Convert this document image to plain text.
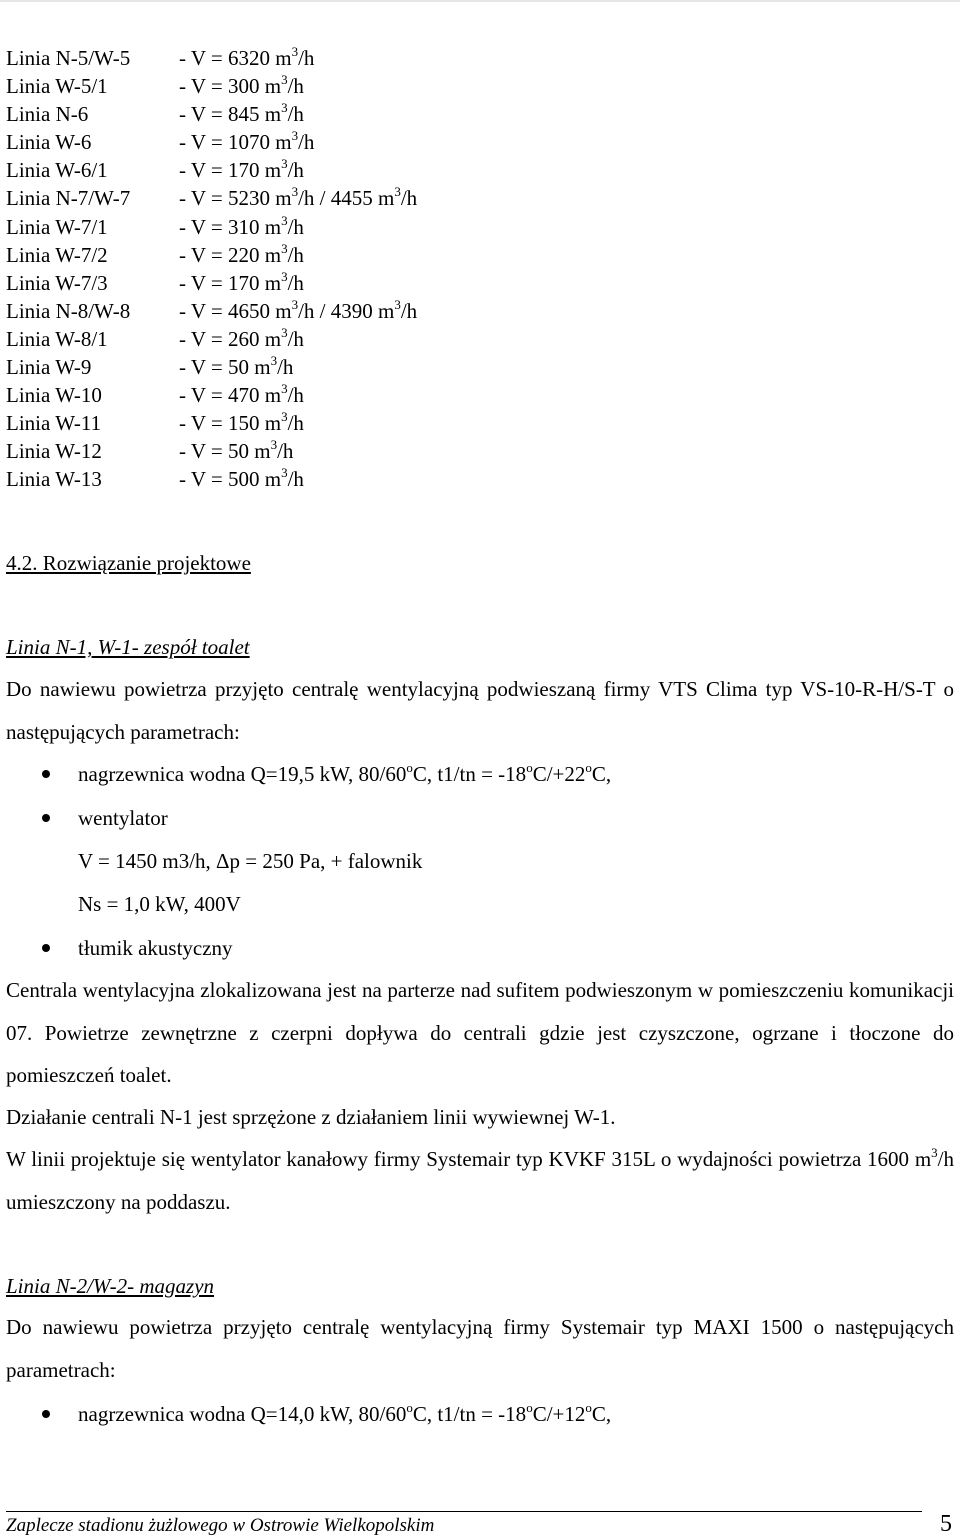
Linia N-5/W-5 - V = 6320 $m^3/h$
Linia W-5/1	- V = 300 $m^3/h$
Linia N-6	- V = 845 $m^3/h$
Linia W-6	- V = 1070 $m^3/h$
Linia W-6/1	- V = 170 $m^3/h$
Linia N-7/W-7 - V = 5230 $m^3/h / 4455$ $m^3/h$
Linia W-7/1	- V = 310 $m^3/h$
Linia W-7/2	- V = 220 $m^3/h$
Linia W-7/3	- V = 170 $m^3/h$
Linia N-8/W-8 - V = 4650 $m^3/h / 4390$ $m^3/h$
Linia W-8/1	- V = 260 $m^3/h$
Linia W-9	- V = 50 $m^3/h$
Linia W-10	- V = 470 $m^3/h$
Linia W-11	- V = 150 $m^3/h$
Linia W-12	- V = 50 $m^3/h$
Linia W-13	- V = 500 $m^3/h$
4.2. Rozwiązanie projektowe
Linia N-1, W-1- zespół toalet
Do nawiewu powietrza przyjęto centralę wentylacyjną podwieszaną firmy VTS Clima typ VS-10-R-H/S-T o następujących parametrach:
nagrzewnica wodna Q=19,5 kW, 80/60$^o$C, $t1/tn = -18^oC/+22^oC$,
wentylator
V = 1450 m3/h, Δp = 250 Pa, + falownik
Ns = 1,0 kW, 400V
tłumik akustyczny
Centrala wentylacyjna zlokalizowana jest na parterze nad sufitem podwieszonym w pomieszczeniu komunikacji 07. Powietrze zewnętrzne z czerpni dopływa do centrali gdzie jest czyszczone, ogrzane i tłoczone do pomieszczeń toalet.
Działanie centrali N-1 jest sprzężone z działaniem linii wywiewnej W-1.
W linii projektuje się wentylator kanałowy firmy Systemair typ KVKF 315L o wydajności powietrza 1600 $m^3/h$ umieszczony na poddaszu.
Linia N-2/W-2- magazyn
Do nawiewu powietrza przyjęto centralę wentylacyjną firmy Systemair typ MAXI 1500 o następujących parametrach:
nagrzewnica wodna Q=14,0 kW, 80/60$^o$C, $t1/tn = -18^oC/+12^oC$,
Zaplecze stadionu żużlowego w Ostrowie Wielkopolskim	5
